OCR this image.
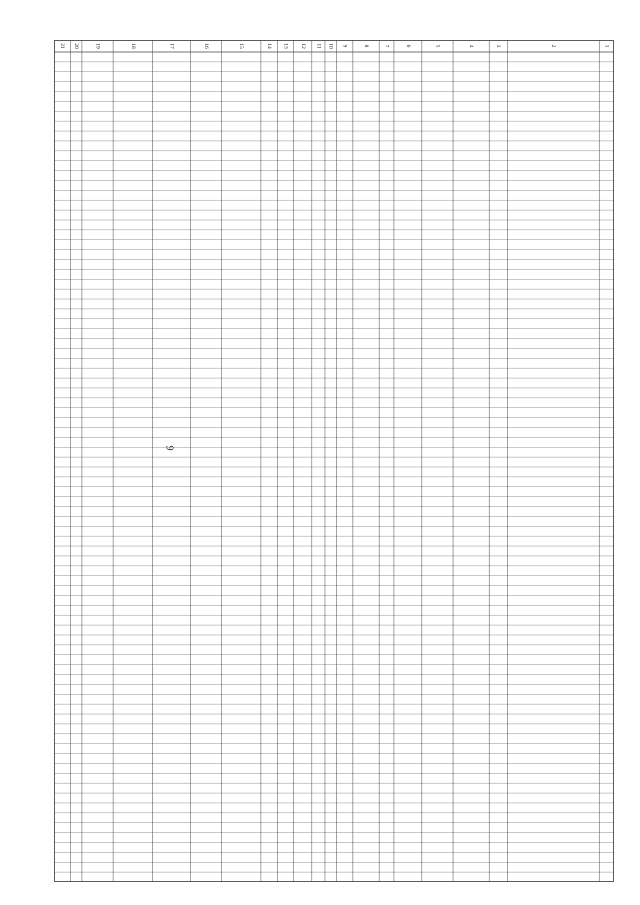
9
1
2
3
4
5
6
7
8
9
10
11
12
13
14
15
16
17
18
19
20
21
